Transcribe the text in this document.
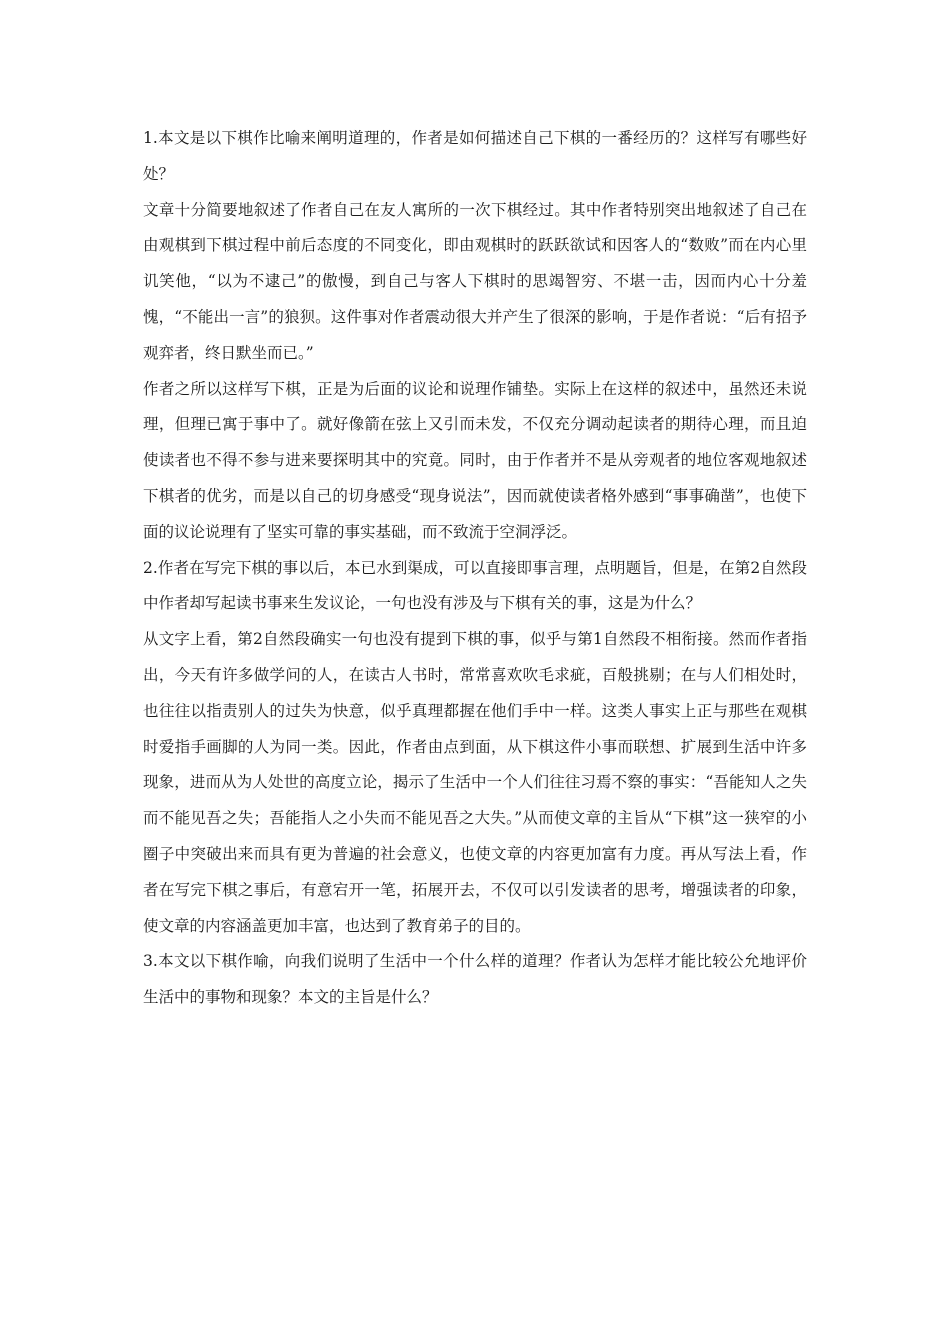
1.本文是以下棋作比喻来阐明道理的，作者是如何描述自己下棋的一番经历的？这样写有哪些好处？

文章十分简要地叙述了作者自己在友人寓所的一次下棋经过。其中作者特别突出地叙述了自己在由观棋到下棋过程中前后态度的不同变化，即由观棋时的跃跃欲试和因客人的“数败”而在内心里讥笑他，“以为不逮己”的傲慢，到自己与客人下棋时的思竭智穷、不堪一击，因而内心十分羞愧，“不能出一言”的狼狈。这件事对作者震动很大并产生了很深的影响，于是作者说：“后有招予观弈者，终日默坐而已。”

作者之所以这样写下棋，正是为后面的议论和说理作铺垫。实际上在这样的叙述中，虽然还未说理，但理已寓于事中了。就好像箭在弦上又引而未发，不仅充分调动起读者的期待心理，而且迫使读者也不得不参与进来要探明其中的究竟。同时，由于作者并不是从旁观者的地位客观地叙述下棋者的优劣，而是以自己的切身感受“现身说法”，因而就使读者格外感到“事事确凿”，也使下面的议论说理有了坚实可靠的事实基础，而不致流于空洞浮泛。

2.作者在写完下棋的事以后，本已水到渠成，可以直接即事言理，点明题旨，但是，在第2自然段中作者却写起读书事来生发议论，一句也没有涉及与下棋有关的事，这是为什么？

从文字上看，第2自然段确实一句也没有提到下棋的事，似乎与第1自然段不相衔接。然而作者指出，今天有许多做学问的人，在读古人书时，常常喜欢吹毛求疵，百般挑剔；在与人们相处时，也往往以指责别人的过失为快意，似乎真理都握在他们手中一样。这类人事实上正与那些在观棋时爱指手画脚的人为同一类。因此，作者由点到面，从下棋这件小事而联想、扩展到生活中许多现象，进而从为人处世的高度立论，揭示了生活中一个人们往往习焉不察的事实：“吾能知人之失而不能见吾之失；吾能指人之小失而不能见吾之大失。”从而使文章的主旨从“下棋”这一狭窄的小圈子中突破出来而具有更为普遍的社会意义，也使文章的内容更加富有力度。再从写法上看，作者在写完下棋之事后，有意宕开一笔，拓展开去，不仅可以引发读者的思考，增强读者的印象，使文章的内容涵盖更加丰富，也达到了教育弟子的目的。

3.本文以下棋作喻，向我们说明了生活中一个什么样的道理？作者认为怎样才能比较公允地评价生活中的事物和现象？本文的主旨是什么？
